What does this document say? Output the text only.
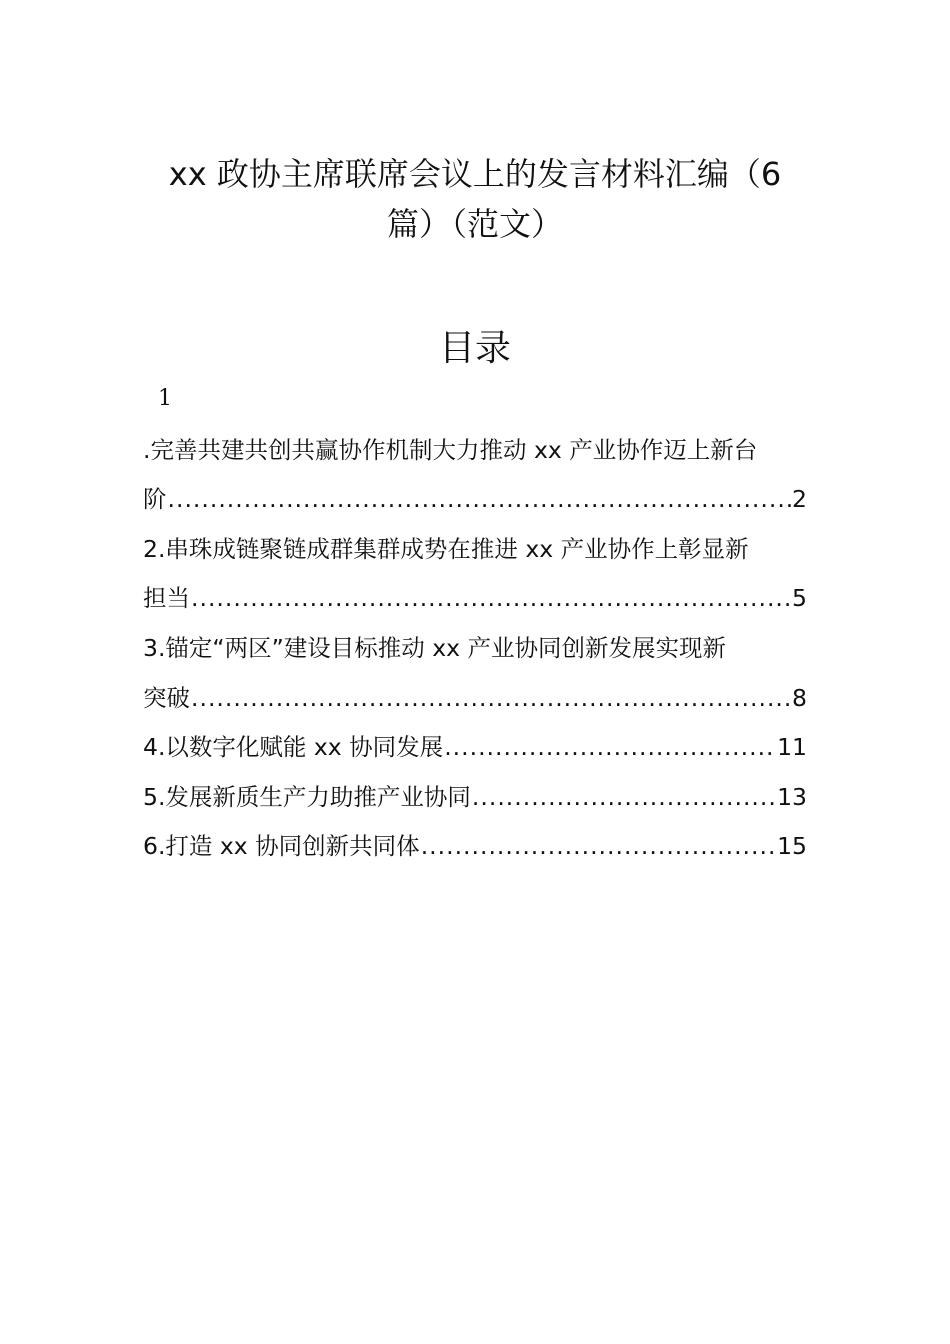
xx 政协主席联席会议上的发言材料汇编（6
篇）（范文）
目录
1
.完善共建共创共赢协作机制大力推动 xx 产业协作迈上新台
阶 .....	2
2.串珠成链聚链成群集群成势在推进 xx 产业协作上彰显新
担当 .....	5
3.锚定“两区”建设目标推动 xx 产业协同创新发展实现新
突破 .....	8
4.以数字化赋能 xx 协同发展 .....	11
5.发展新质生产力助推产业协同 .....	13
6.打造 xx 协同创新共同体 .....	15
